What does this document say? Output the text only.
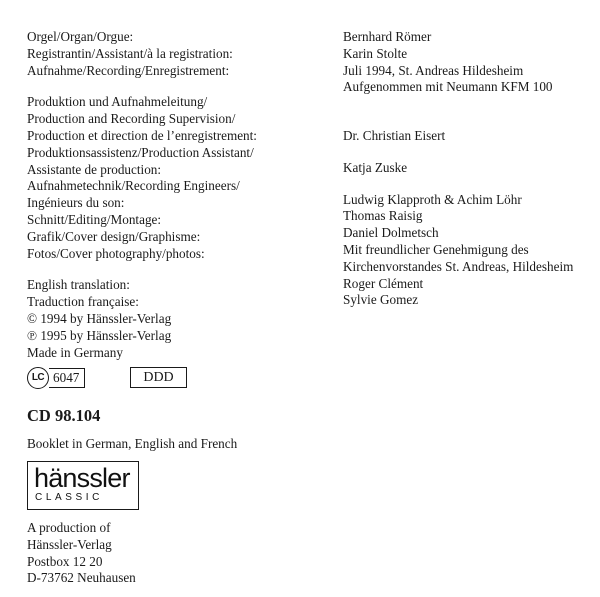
Orgel/Organ/Orgue:
Registrantin/Assistant/à la registration:
Aufnahme/Recording/Enregistrement:
Produktion und Aufnahmeleitung/
Production and Recording Supervision/
Production et direction de l’enregistrement:
Produktionsassistenz/Production Assistant/
Assistante de production:
Aufnahmetechnik/Recording Engineers/
Ingénieurs du son:
Schnitt/Editing/Montage:
Grafik/Cover design/Graphisme:
Fotos/Cover photography/photos:
English translation:
Traduction française:
© 1994 by Hänssler-Verlag
℗ 1995 by Hänssler-Verlag
Made in Germany
Bernhard Römer
Karin Stolte
Juli 1994, St. Andreas Hildesheim
Aufgenommen mit Neumann KFM 100
Dr. Christian Eisert
Katja Zuske
Ludwig Klapproth & Achim Löhr
Thomas Raisig
Daniel Dolmetsch
Mit freundlicher Genehmigung des
Kirchenvorstandes St. Andreas, Hildesheim
Roger Clément
Sylvie Gomez
LC 6047	DDD
CD 98.104
Booklet in German, English and French
hänssler
CLASSIC
A production of
Hänssler-Verlag
Postbox 12 20
D-73762 Neuhausen
